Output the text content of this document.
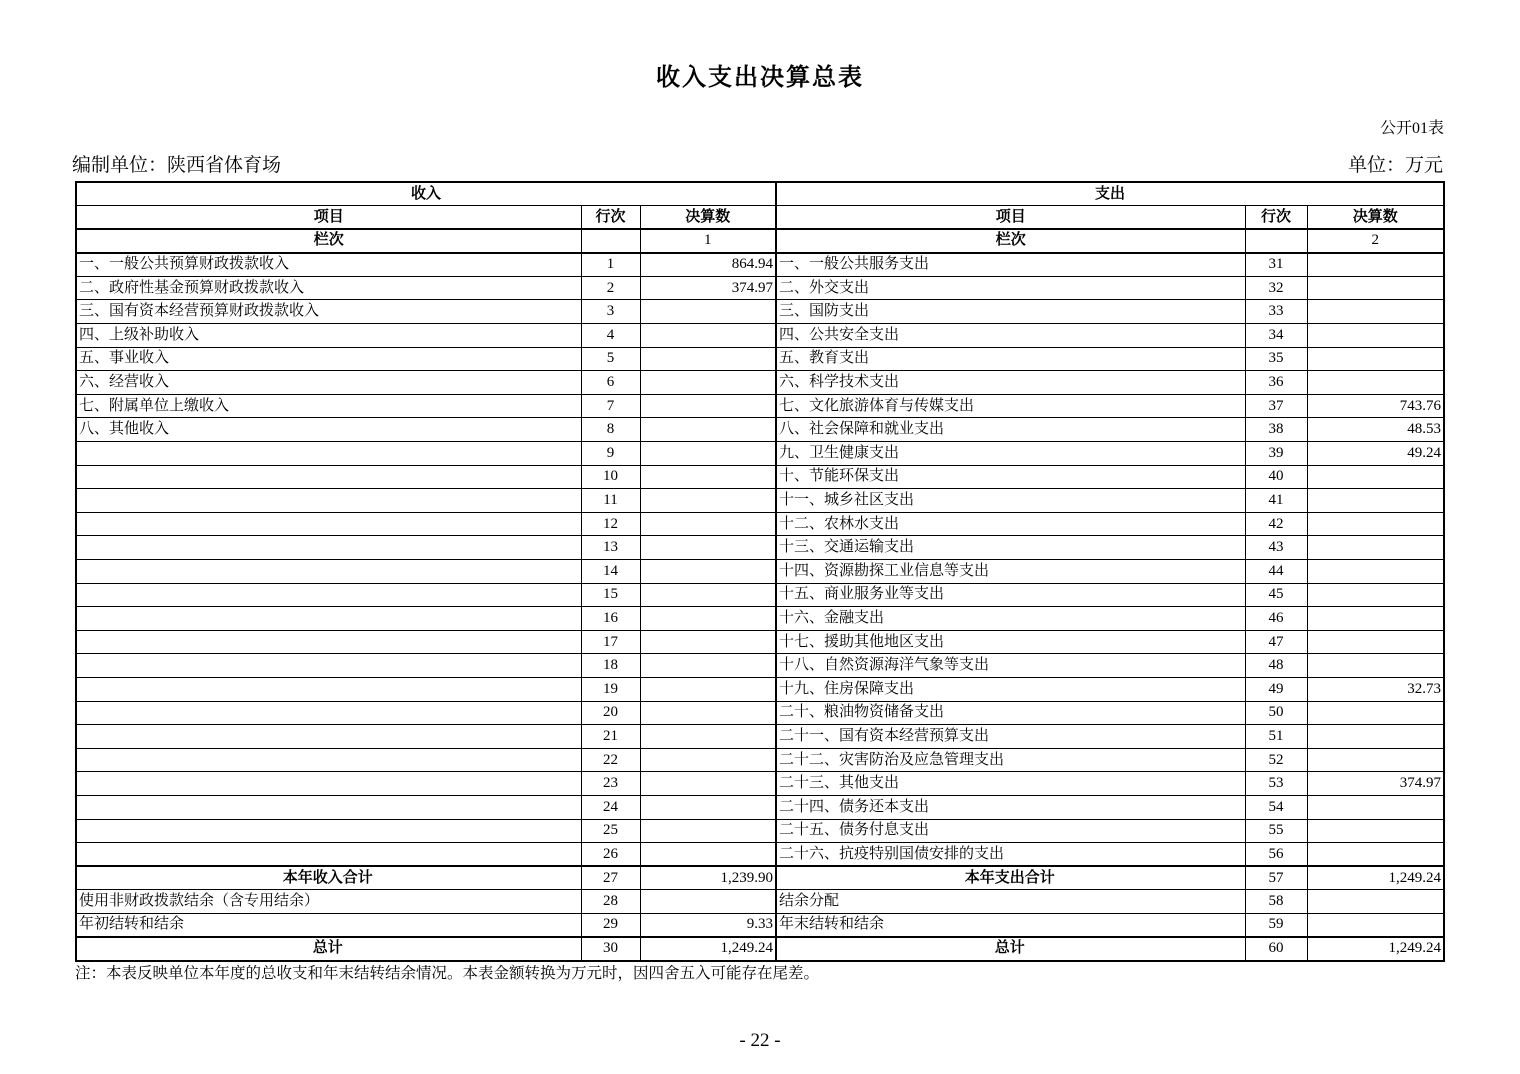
收入支出决算总表
公开01表
编制单位：陕西省体育场	单位：万元
收入			支出		
项目	行次	决算数	项目	行次	决算数
栏次		1	栏次		2
一、一般公共预算财政拨款收入	1	864.94	一、一般公共服务支出	31	
二、政府性基金预算财政拨款收入	2	374.97	二、外交支出	32	
三、国有资本经营预算财政拨款收入	3		三、国防支出	33	
四、上级补助收入	4		四、公共安全支出	34	
五、事业收入	5		五、教育支出	35	
六、经营收入	6		六、科学技术支出	36	
七、附属单位上缴收入	7		七、文化旅游体育与传媒支出	37	743.76
八、其他收入	8		八、社会保障和就业支出	38	48.53
	9		九、卫生健康支出	39	49.24
	10		十、节能环保支出	40	
	11		十一、城乡社区支出	41	
	12		十二、农林水支出	42	
	13		十三、交通运输支出	43	
	14		十四、资源勘探工业信息等支出	44	
	15		十五、商业服务业等支出	45	
	16		十六、金融支出	46	
	17		十七、援助其他地区支出	47	
	18		十八、自然资源海洋气象等支出	48	
	19		十九、住房保障支出	49	32.73
	20		二十、粮油物资储备支出	50	
	21		二十一、国有资本经营预算支出	51	
	22		二十二、灾害防治及应急管理支出	52	
	23		二十三、其他支出	53	374.97
	24		二十四、债务还本支出	54	
	25		二十五、债务付息支出	55	
	26		二十六、抗疫特别国债安排的支出	56	
本年收入合计	27	1,239.90	本年支出合计	57	1,249.24
使用非财政拨款结余（含专用结余）	28		结余分配	58	
年初结转和结余	29	9.33	年末结转和结余	59	
总计	30	1,249.24	总计	60	1,249.24
注：本表反映单位本年度的总收支和年末结转结余情况。本表金额转换为万元时，因四舍五入可能存在尾差。
- 22 -
